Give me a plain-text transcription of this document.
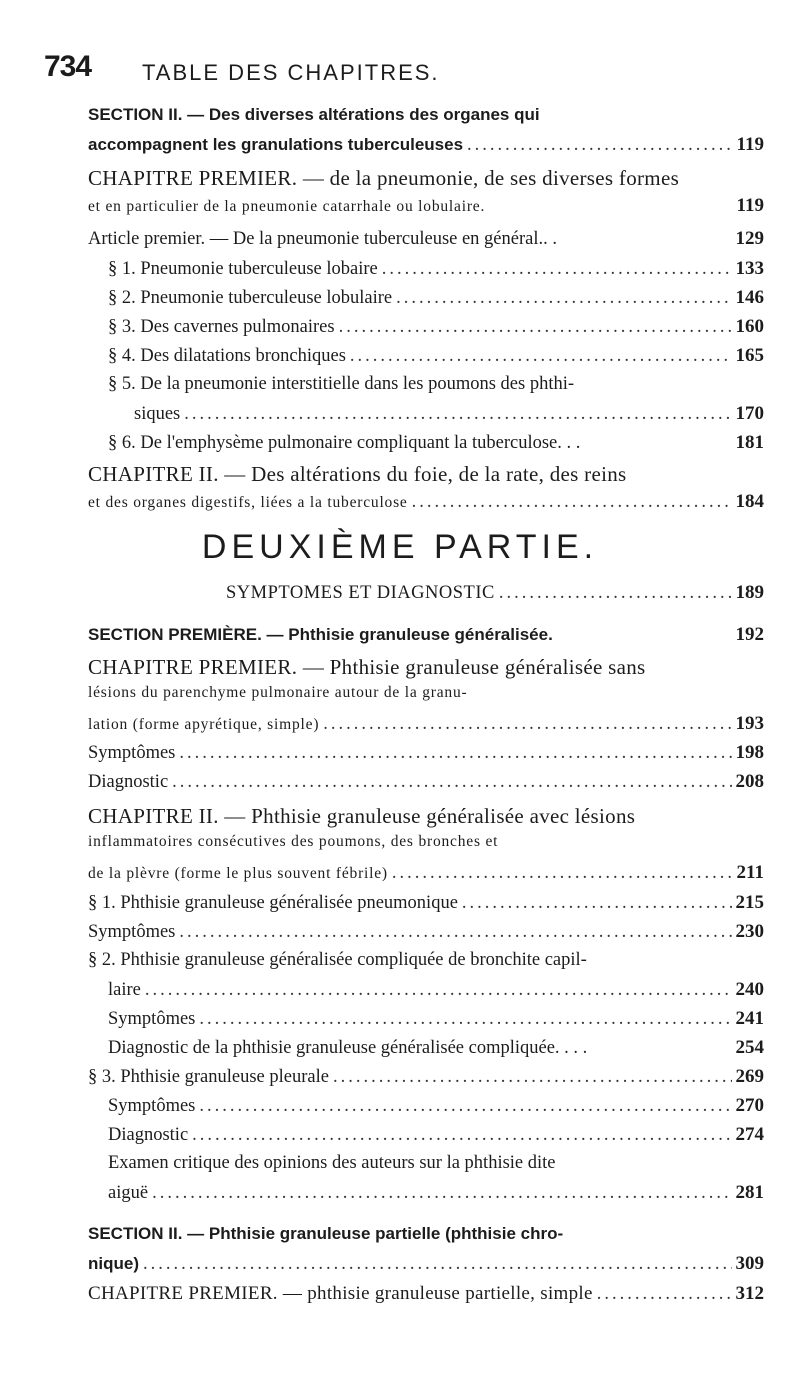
734 TABLE DES CHAPITRES.
SECTION II. — Des diverses altérations des organes qui
accompagnent les granulations tuberculeuses .....	119
CHAPITRE PREMIER. — de la pneumonie, de ses diverses formes
et en particulier de la pneumonie catarrhale ou lobulaire.	119
Article premier. — De la pneumonie tuberculeuse en général.. .	129
§ 1. Pneumonie tuberculeuse lobaire .....	133
§ 2. Pneumonie tuberculeuse lobulaire .....	146
§ 3. Des cavernes pulmonaires .....	160
§ 4. Des dilatations bronchiques .....	165
§ 5. De la pneumonie interstitielle dans les poumons des phthi-
siques .....	170
§ 6. De l'emphysème pulmonaire compliquant la tuberculose. . .	181
CHAPITRE II. — Des altérations du foie, de la rate, des reins
et des organes digestifs, liées a la tuberculose .....	184
DEUXIÈME PARTIE.
SYMPTOMES ET DIAGNOSTIC .....	189
SECTION PREMIÈRE. — Phthisie granuleuse généralisée.	192
CHAPITRE PREMIER. — Phthisie granuleuse généralisée sans
lésions du parenchyme pulmonaire autour de la granu-
lation (forme apyrétique, simple) .....	193
Symptômes .....	198
Diagnostic .....	208
CHAPITRE II. — Phthisie granuleuse généralisée avec lésions
inflammatoires consécutives des poumons, des bronches et
de la plèvre (forme le plus souvent fébrile) .....	211
§ 1. Phthisie granuleuse généralisée pneumonique .....	215
Symptômes .....	230
§ 2. Phthisie granuleuse généralisée compliquée de bronchite capil-
laire .....	240
Symptômes .....	241
Diagnostic de la phthisie granuleuse généralisée compliquée. . . .	254
§ 3. Phthisie granuleuse pleurale .....	269
Symptômes .....	270
Diagnostic .....	274
Examen critique des opinions des auteurs sur la phthisie dite
aiguë .....	281
SECTION II. — Phthisie granuleuse partielle (phthisie chro-
nique) .....	309
CHAPITRE PREMIER. — phthisie granuleuse partielle, simple .....	312
